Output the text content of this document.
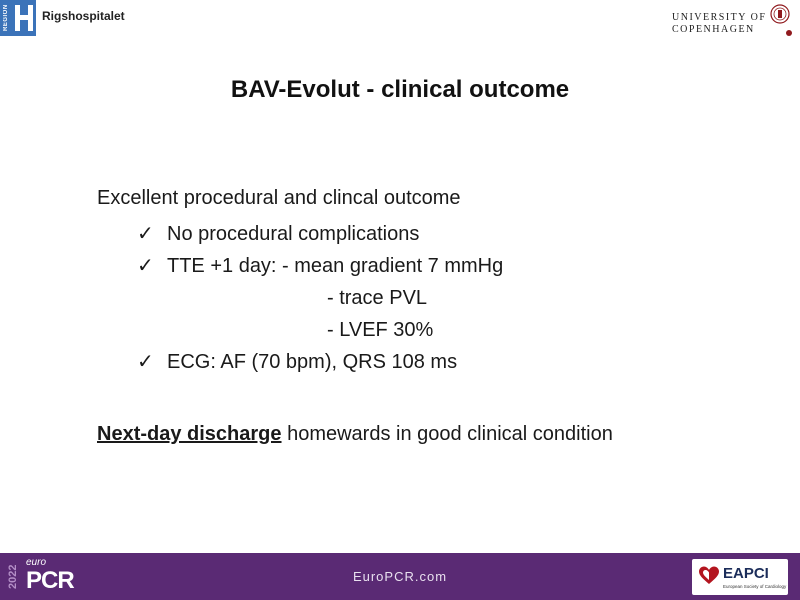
REGION	Rigshospitalet	UNIVERSITY OF
COPENHAGEN
BAV-Evolut - clinical outcome

Excellent procedural and clincal outcome

✓ No procedural complications
✓ TTE +1 day: - mean gradient 7 mmHg
- trace PVL
- LVEF 30%
✓ ECG: AF (70 bpm), QRS 108 ms

Next-day discharge homewards in good clinical condition

2022
euro
PCR	EuroPCR.com	EAPCI
European Society of Cardiology
